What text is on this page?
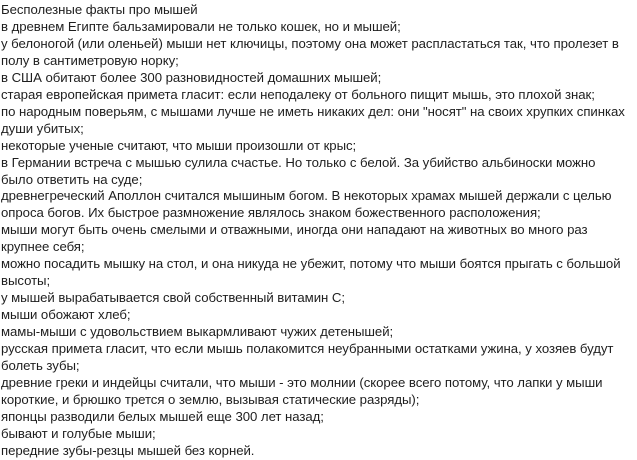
Бесполезные факты про мышей

в древнем Египте бальзамировали не только кошек, но и мышей;
у белоногой (или оленьей) мыши нет ключицы, поэтому она может распластаться так, что пролезет в
полу в сантиметровую норку;
в США обитают более 300 разновидностей домашних мышей;
старая европейская примета гласит: если неподалеку от больного пищит мышь, это плохой знак;
по народным поверьям, с мышами лучше не иметь никаких дел: они "носят" на своих хрупких спинках
души убитых;
некоторые ученые считают, что мыши произошли от крыс;
в Германии встреча с мышью сулила счастье. Но только с белой. За убийство альбиноски можно
было ответить на суде;
древнегреческий Аполлон считался мышиным богом. В некоторых храмах мышей держали с целью
опроса богов. Их быстрое размножение являлось знаком божественного расположения;
мыши могут быть очень смелыми и отважными, иногда они нападают на животных во много раз
крупнее себя;
можно посадить мышку на стол, и она никуда не убежит, потому что мыши боятся прыгать с большой
высоты;
у мышей вырабатывается свой собственный витамин С;
мыши обожают хлеб;
мамы-мыши с удовольствием выкармливают чужих детенышей;
русская примета гласит, что если мышь полакомится неубранными остатками ужина, у хозяев будут
болеть зубы;
древние греки и индейцы считали, что мыши - это молнии (скорее всего потому, что лапки у мыши
короткие, и брюшко трется о землю, вызывая статические разряды);
японцы разводили белых мышей еще 300 лет назад;
бывают и голубые мыши;
передние зубы-резцы мышей без корней.
